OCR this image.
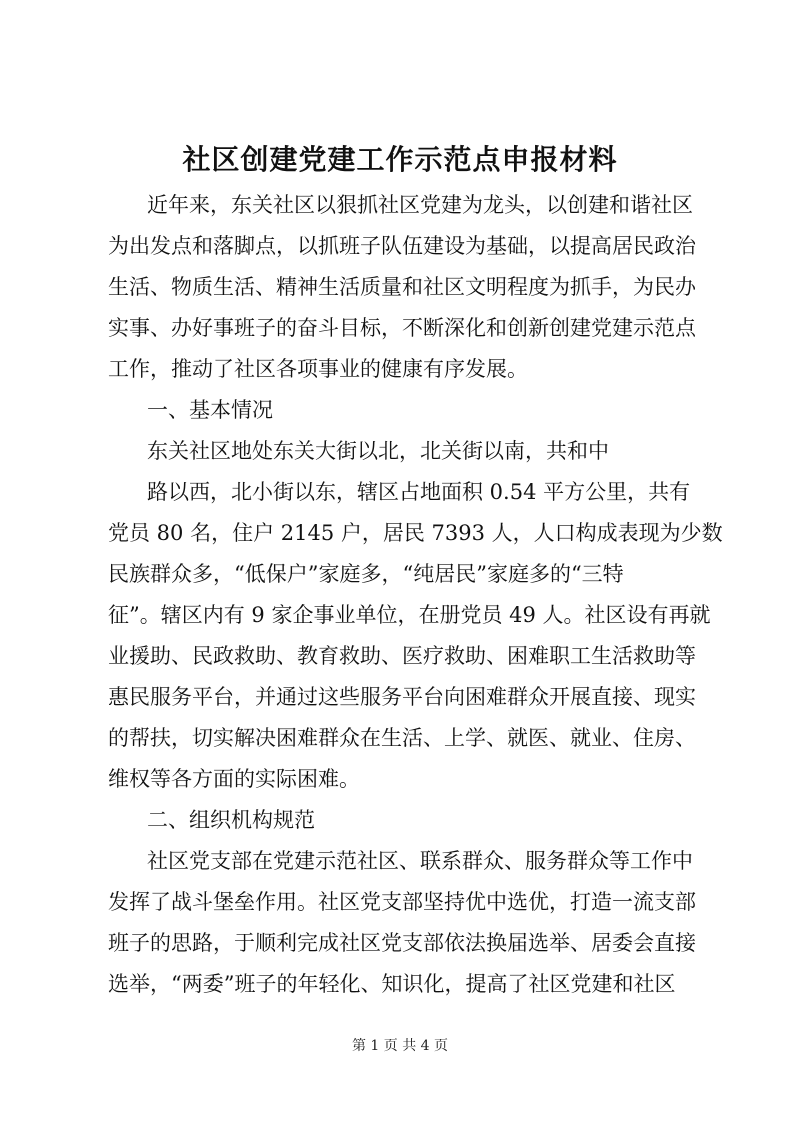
社区创建党建工作示范点申报材料
近年来，东关社区以狠抓社区党建为龙头，以创建和谐社区
为出发点和落脚点，以抓班子队伍建设为基础，以提高居民政治
生活、物质生活、精神生活质量和社区文明程度为抓手，为民办
实事、办好事班子的奋斗目标，不断深化和创新创建党建示范点
工作，推动了社区各项事业的健康有序发展。
一、基本情况
东关社区地处东关大街以北，北关街以南，共和中
路以西，北小街以东，辖区占地面积 0.54 平方公里，共有
党员 80 名，住户 2145 户，居民 7393 人，人口构成表现为少数
民族群众多，“低保户”家庭多，“纯居民”家庭多的“三特
征”。辖区内有 9 家企事业单位，在册党员 49 人。社区设有再就
业援助、民政救助、教育救助、医疗救助、困难职工生活救助等
惠民服务平台，并通过这些服务平台向困难群众开展直接、现实
的帮扶，切实解决困难群众在生活、上学、就医、就业、住房、
维权等各方面的实际困难。
二、组织机构规范
社区党支部在党建示范社区、联系群众、服务群众等工作中
发挥了战斗堡垒作用。社区党支部坚持优中选优，打造一流支部
班子的思路，于顺利完成社区党支部依法换届选举、居委会直接
选举，“两委”班子的年轻化、知识化，提高了社区党建和社区
第 1 页 共 4 页
